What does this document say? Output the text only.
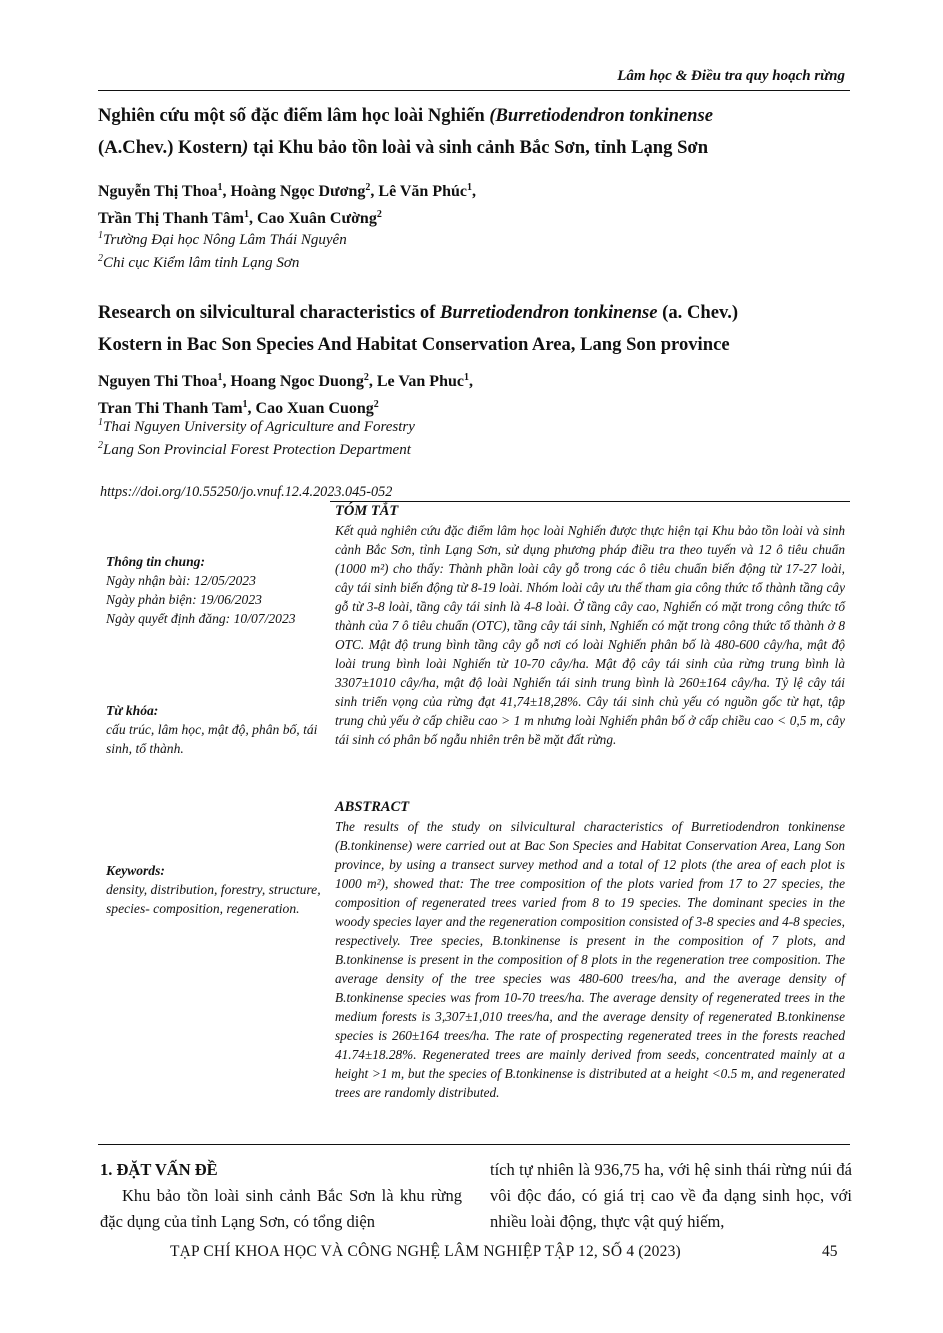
Lâm học & Điều tra quy hoạch rừng
Nghiên cứu một số đặc điểm lâm học loài Nghiến (Burretiodendron tonkinense
(A.Chev.) Kostern) tại Khu bảo tồn loài và sinh cảnh Bắc Sơn, tỉnh Lạng Sơn

Nguyễn Thị Thoa$^1$, Hoàng Ngọc Dương$^2$, Lê Văn Phúc$^1$,
Trần Thị Thanh Tâm$^1$, Cao Xuân Cường$^2$

$^1$Trường Đại học Nông Lâm Thái Nguyên
$^2$Chi cục Kiểm lâm tỉnh Lạng Sơn

Research on silvicultural characteristics of Burretiodendron tonkinense (a. Chev.)
Kostern in Bac Son Species And Habitat Conservation Area, Lang Son province

Nguyen Thi Thoa$^1$, Hoang Ngoc Duong$^2$, Le Van Phuc$^1$,
Tran Thi Thanh Tam$^1$, Cao Xuan Cuong$^2$

$^1$Thai Nguyen University of Agriculture and Forestry
$^2$Lang Son Provincial Forest Protection Department

https://doi.org/10.55250/jo.vnuf.12.4.2023.045-052
Thông tin chung:
Ngày nhận bài: 12/05/2023
Ngày phản biện: 19/06/2023
Ngày quyết định đăng: 10/07/2023
Từ khóa:
cấu trúc, lâm học, mật độ, phân bố, tái sinh, tổ thành.
Keywords:
density, distribution, forestry, structure, species- composition, regeneration.
TÓM TẮT

Kết quả nghiên cứu đặc điểm lâm học loài Nghiến được thực hiện tại Khu bảo tồn loài và sinh cảnh Bắc Sơn, tỉnh Lạng Sơn, sử dụng phương pháp điều tra theo tuyến và 12 ô tiêu chuẩn (1000 m²) cho thấy: Thành phần loài cây gỗ trong các ô tiêu chuẩn biến động từ 17-27 loài, cây tái sinh biến động từ 8-19 loài. Nhóm loài cây ưu thế tham gia công thức tổ thành tầng cây gỗ từ 3-8 loài, tầng cây tái sinh là 4-8 loài. Ở tầng cây cao, Nghiến có mặt trong công thức tổ thành của 7 ô tiêu chuẩn (OTC), tầng cây tái sinh, Nghiến có mặt trong công thức tổ thành ở 8 OTC. Mật độ trung bình tầng cây gỗ nơi có loài Nghiến phân bố là 480-600 cây/ha, mật độ loài trung bình loài Nghiến từ 10-70 cây/ha. Mật độ cây tái sinh của rừng trung bình là 3307±1010 cây/ha, mật độ loài Nghiến tái sinh trung bình là 260±164 cây/ha. Tỷ lệ cây tái sinh triển vọng của rừng đạt 41,74±18,28%. Cây tái sinh chủ yếu có nguồn gốc từ hạt, tập trung chủ yếu ở cấp chiều cao > 1 m nhưng loài Nghiến phân bố ở cấp chiều cao < 0,5 m, cây tái sinh có phân bố ngẫu nhiên trên bề mặt đất rừng.

ABSTRACT

The results of the study on silvicultural characteristics of Burretiodendron tonkinense (B.tonkinense) were carried out at Bac Son Species and Habitat Conservation Area, Lang Son province, by using a transect survey method and a total of 12 plots (the area of each plot is 1000 m²), showed that: The tree composition of the plots varied from 17 to 27 species, the composition of regenerated trees varied from 8 to 19 species. The dominant species in the woody species layer and the regeneration composition consisted of 3-8 species and 4-8 species, respectively. Tree species, B.tonkinense is present in the composition of 7 plots, and B.tonkinense is present in the composition of 8 plots in the regeneration tree composition. The average density of the tree species was 480-600 trees/ha, and the average density of B.tonkinense species was from 10-70 trees/ha. The average density of regenerated trees in the medium forests is 3,307±1,010 trees/ha, and the average density of regenerated B.tonkinense species is 260±164 trees/ha. The rate of prospecting regenerated trees in the forests reached 41.74±18.28%. Regenerated trees are mainly derived from seeds, concentrated mainly at a height >1 m, but the species of B.tonkinense is distributed at a height <0.5 m, and regenerated trees are randomly distributed.

1. ĐẶT VẤN ĐỀ

Khu bảo tồn loài sinh cảnh Bắc Sơn là khu rừng đặc dụng của tỉnh Lạng Sơn, có tổng diện

tích tự nhiên là 936,75 ha, với hệ sinh thái rừng núi đá vôi độc đáo, có giá trị cao về đa dạng sinh học, với nhiều loài động, thực vật quý hiếm,

TẠP CHÍ KHOA HỌC VÀ CÔNG NGHỆ LÂM NGHIỆP TẬP 12, SỐ 4 (2023)	45
